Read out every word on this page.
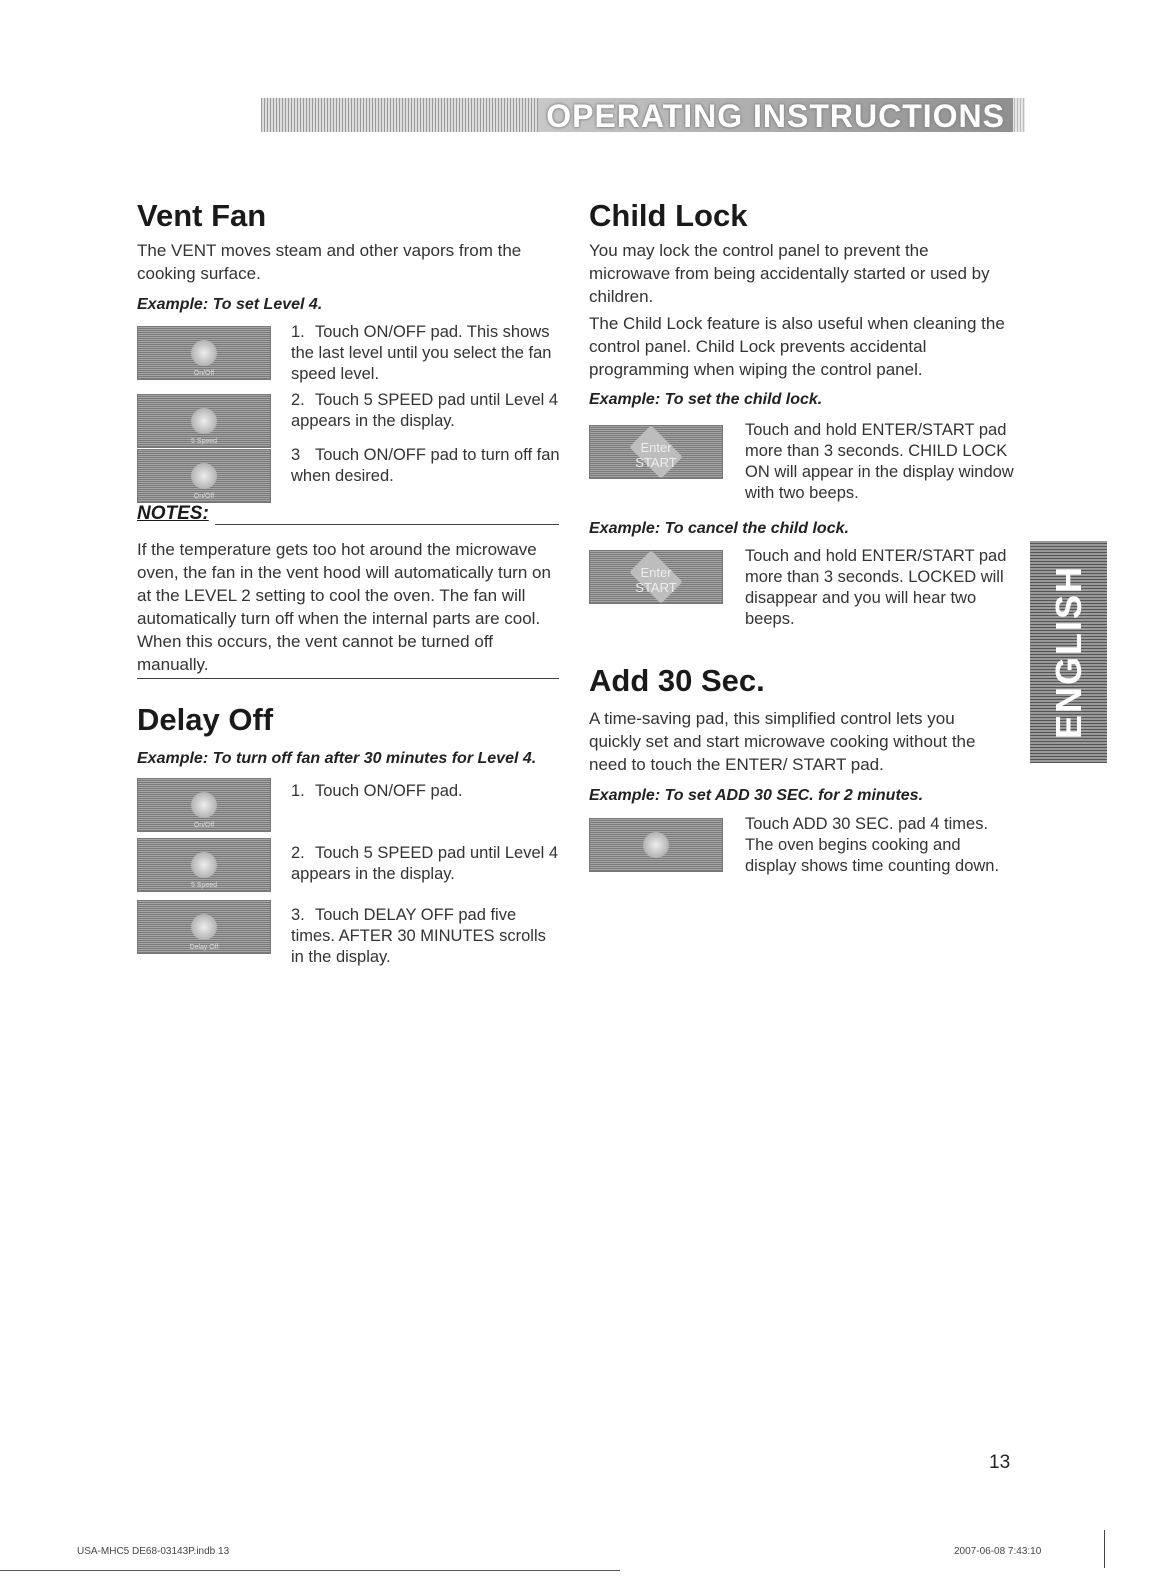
OPERATING INSTRUCTIONS
Vent Fan

The VENT moves steam and other vapors from the cooking surface.

Example: To set Level 4.

On/Off
1. Touch ON/OFF pad. This shows the last level until you select the fan speed level.
5 Speed
2. Touch 5 SPEED pad until Level 4 appears in the display.
On/Off
3 Touch ON/OFF pad to turn off fan when desired.
NOTES:

If the temperature gets too hot around the microwave oven, the fan in the vent hood will automatically turn on at the LEVEL 2 setting to cool the oven. The fan will automatically turn off when the internal parts are cool. When this occurs, the vent cannot be turned off manually.

Delay Off

Example: To turn off fan after 30 minutes for Level 4.

On/Off
1. Touch ON/OFF pad.
5 Speed
2. Touch 5 SPEED pad until Level 4 appears in the display.
Delay Off
3. Touch DELAY OFF pad five times. AFTER 30 MINUTES scrolls in the display.
Child Lock

You may lock the control panel to prevent the microwave from being accidentally started or used by children.

The Child Lock feature is also useful when cleaning the control panel. Child Lock prevents accidental programming when wiping the control panel.

Example: To set the child lock.

Enter
START
Touch and hold ENTER/START pad more than 3 seconds. CHILD LOCK ON will appear in the display window with two beeps.

Example: To cancel the child lock.

Enter
START
Touch and hold ENTER/START pad more than 3 seconds. LOCKED will disappear and you will hear two beeps.
Add 30 Sec.

A time-saving pad, this simplified control lets you quickly set and start microwave cooking without the need to touch the ENTER/ START pad.

Example: To set ADD 30 SEC. for 2 minutes.

Touch ADD 30 SEC. pad 4 times. The oven begins cooking and display shows time counting down.
ENGLISH
13
USA-MHC5 DE68-03143P.indb 13	2007-06-08 7:43:10
